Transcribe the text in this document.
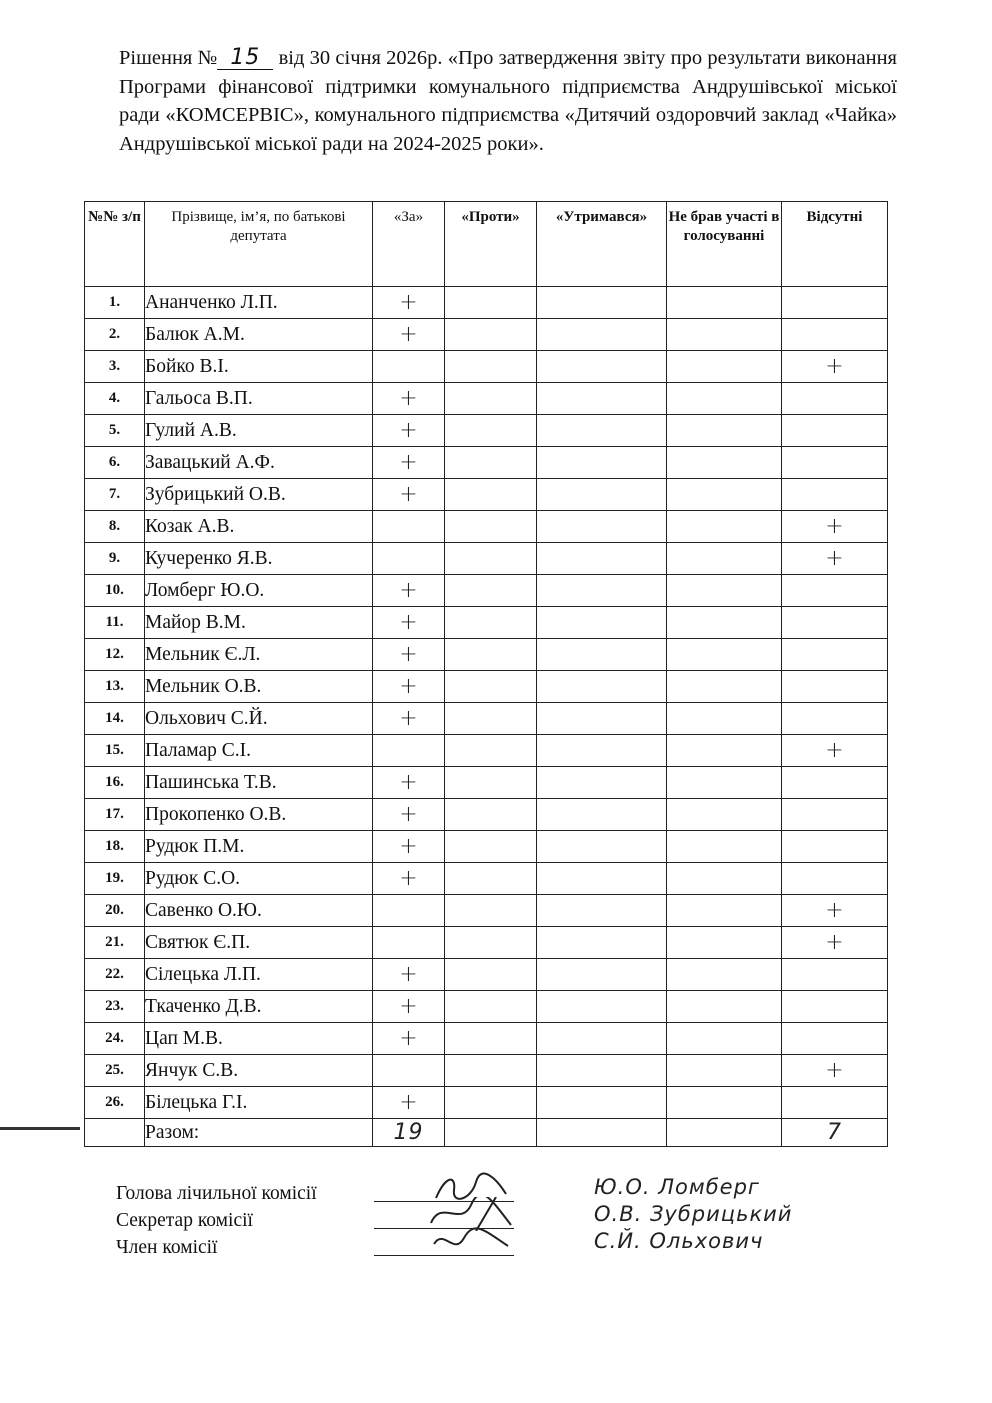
Рішення № 15 від 30 січня 2026р. «Про затвердження звіту про результати виконання Програми фінансової підтримки комунального підприємства Андрушівської міської ради «КОМСЕРВІС», комунального підприємства «Дитячий оздоровчий заклад «Чайка» Андрушівської міської ради на 2024-2025 роки».
№№ з/п	Прізвище, ім’я, по батькові депутата	«За»	«Проти»	«Утримався»	Не брав участі в голосуванні	Відсутні
1.	Ананченко Л.П.	+				
2.	Балюк А.М.	+				
3.	Бойко В.І.					+
4.	Гальоса В.П.	+				
5.	Гулий А.В.	+				
6.	Завацький А.Ф.	+				
7.	Зубрицький О.В.	+				
8.	Козак А.В.					+
9.	Кучеренко Я.В.					+
10.	Ломберг Ю.О.	+				
11.	Майор В.М.	+				
12.	Мельник Є.Л.	+				
13.	Мельник О.В.	+				
14.	Ольхович С.Й.	+				
15.	Паламар С.І.					+
16.	Пашинська Т.В.	+				
17.	Прокопенко О.В.	+				
18.	Рудюк П.М.	+				
19.	Рудюк С.О.	+				
20.	Савенко О.Ю.					+
21.	Святюк Є.П.					+
22.	Сілецька Л.П.	+				
23.	Ткаченко Д.В.	+				
24.	Цап М.В.	+				
25.	Янчук С.В.					+
26.	Білецька Г.І.	+				
	Разом:	19				7
Голова лічильної комісії	Ю.О. Ломберг
Секретар комісії	О.В. Зубрицький
Член комісії	С.Й. Ольхович
